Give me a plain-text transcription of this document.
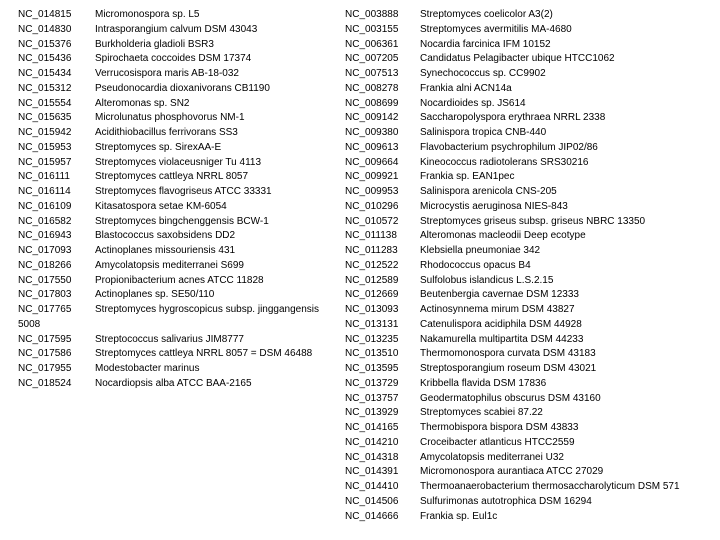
NC_014815	Micromonospora sp. L5
NC_014830	Intrasporangium calvum DSM 43043
NC_015376	Burkholderia gladioli BSR3
NC_015436	Spirochaeta coccoides DSM 17374
NC_015434	Verrucosispora maris AB-18-032
NC_015312	Pseudonocardia dioxanivorans CB1190
NC_015554	Alteromonas sp. SN2
NC_015635	Microlunatus phosphovorus NM-1
NC_015942	Acidithiobacillus ferrivorans SS3
NC_015953	Streptomyces sp. SirexAA-E
NC_015957	Streptomyces violaceusniger Tu 4113
NC_016111	Streptomyces cattleya NRRL 8057
NC_016114	Streptomyces flavogriseus ATCC 33331
NC_016109	Kitasatospora setae KM-6054
NC_016582	Streptomyces bingchenggensis BCW-1
NC_016943	Blastococcus saxobsidens DD2
NC_017093	Actinoplanes missouriensis 431
NC_018266	Amycolatopsis mediterranei S699
NC_017550	Propionibacterium acnes ATCC 11828
NC_017803	Actinoplanes sp. SE50/110
NC_017765	Streptomyces hygroscopicus subsp. jinggangensis
5008
NC_017595	Streptococcus salivarius JIM8777
NC_017586	Streptomyces cattleya NRRL 8057 = DSM 46488
NC_017955	Modestobacter marinus
NC_018524	Nocardiopsis alba ATCC BAA-2165
NC_003888	Streptomyces coelicolor A3(2)
NC_003155	Streptomyces avermitilis MA-4680
NC_006361	Nocardia farcinica IFM 10152
NC_007205	Candidatus Pelagibacter ubique HTCC1062
NC_007513	Synechococcus sp. CC9902
NC_008278	Frankia alni ACN14a
NC_008699	Nocardioides sp. JS614
NC_009142	Saccharopolyspora erythraea NRRL 2338
NC_009380	Salinispora tropica CNB-440
NC_009613	Flavobacterium psychrophilum JIP02/86
NC_009664	Kineococcus radiotolerans SRS30216
NC_009921	Frankia sp. EAN1pec
NC_009953	Salinispora arenicola CNS-205
NC_010296	Microcystis aeruginosa NIES-843
NC_010572	Streptomyces griseus subsp. griseus NBRC 13350
NC_011138	Alteromonas macleodii Deep ecotype
NC_011283	Klebsiella pneumoniae 342
NC_012522	Rhodococcus opacus B4
NC_012589	Sulfolobus islandicus L.S.2.15
NC_012669	Beutenbergia cavernae DSM 12333
NC_013093	Actinosynnema mirum DSM 43827
NC_013131	Catenulispora acidiphila DSM 44928
NC_013235	Nakamurella multipartita DSM 44233
NC_013510	Thermomonospora curvata DSM 43183
NC_013595	Streptosporangium roseum DSM 43021
NC_013729	Kribbella flavida DSM 17836
NC_013757	Geodermatophilus obscurus DSM 43160
NC_013929	Streptomyces scabiei 87.22
NC_014165	Thermobispora bispora DSM 43833
NC_014210	Croceibacter atlanticus HTCC2559
NC_014318	Amycolatopsis mediterranei U32
NC_014391	Micromonospora aurantiaca ATCC 27029
NC_014410	Thermoanaerobacterium thermosaccharolyticum DSM 571
NC_014506	Sulfurimonas autotrophica DSM 16294
NC_014666	Frankia sp. Eul1c
